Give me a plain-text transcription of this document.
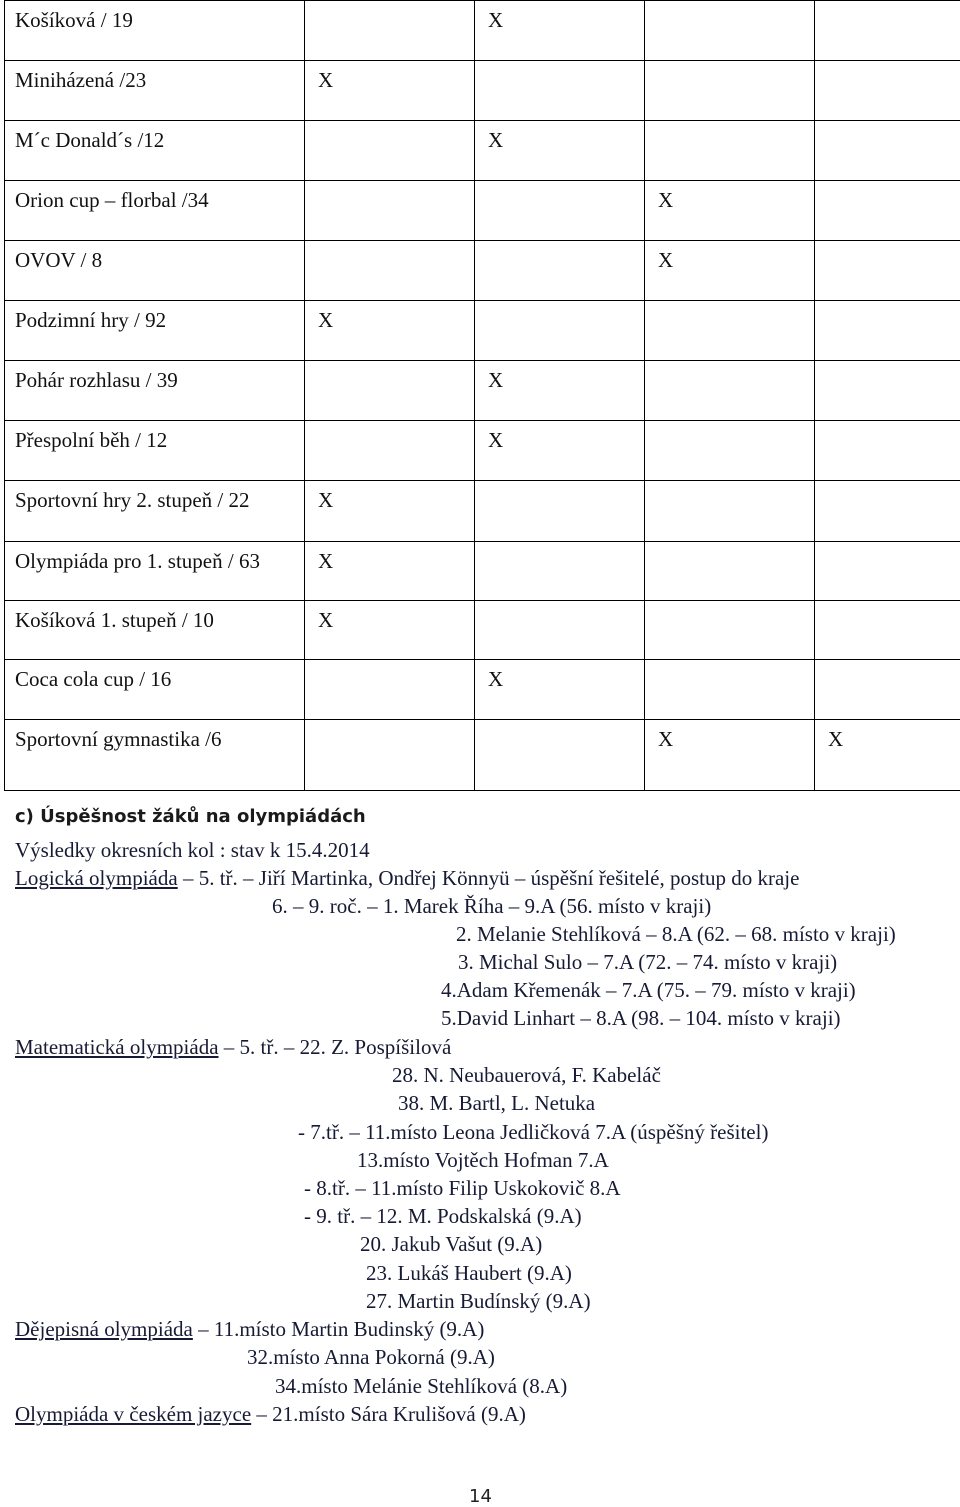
Košíková / 19		X		
Miniházená /23	X			
M´c Donald´s /12		X		
Orion cup – florbal /34			X	
OVOV / 8			X	
Podzimní hry / 92	X			
Pohár rozhlasu / 39		X		
Přespolní běh / 12		X		
Sportovní hry 2. stupeň / 22	X			
Olympiáda pro 1. stupeň / 63	X			
Košíková 1. stupeň / 10	X			
Coca cola cup / 16		X		
Sportovní gymnastika /6			X	X
c) Úspěšnost žáků na olympiádách
Výsledky okresních kol : stav k 15.4.2014
Logická olympiáda – 5. tř. – Jiří Martinka, Ondřej Könnyü – úspěšní řešitelé, postup do kraje
6. – 9. roč. – 1. Marek Říha – 9.A (56. místo v kraji)
2. Melanie Stehlíková – 8.A (62. – 68. místo v kraji)
3. Michal Sulo – 7.A (72. – 74. místo v kraji)
4.Adam Křemenák – 7.A (75. – 79. místo v kraji)
5.David Linhart – 8.A (98. – 104. místo v kraji)
Matematická olympiáda – 5. tř. – 22. Z. Pospíšilová
28. N. Neubauerová, F. Kabeláč
38. M. Bartl, L. Netuka
- 7.tř. – 11.místo Leona Jedličková 7.A (úspěšný řešitel)
13.místo Vojtěch Hofman 7.A
- 8.tř. – 11.místo Filip Uskokovič 8.A
- 9. tř. – 12. M. Podskalská (9.A)
20. Jakub Vašut (9.A)
23. Lukáš Haubert (9.A)
27. Martin Budínský (9.A)
Dějepisná olympiáda – 11.místo Martin Budinský (9.A)
32.místo Anna Pokorná (9.A)
34.místo Melánie Stehlíková (8.A)
Olympiáda v českém jazyce – 21.místo Sára Krulišová (9.A)
14
